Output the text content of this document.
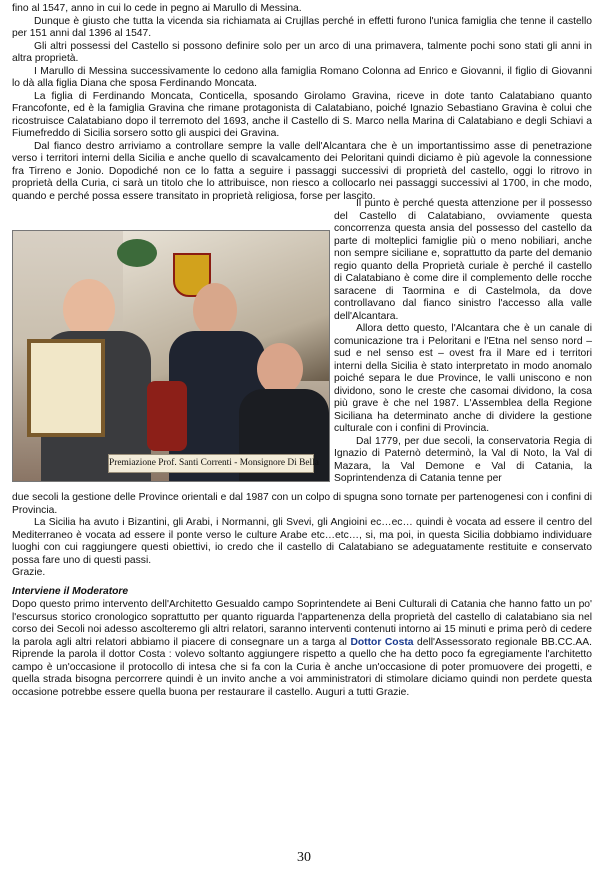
fino al 1547, anno in cui lo cede in pegno ai Marullo di Messina.

Dunque è giusto che tutta la vicenda sia richiamata ai Crujllas perché in effetti furono l'unica famiglia che tenne il castello per 151 anni dal 1396 al 1547.

Gli altri possessi del Castello si possono definire solo per un arco di una primavera, talmente pochi sono stati gli anni in altra proprietà.

I Marullo di Messina successivamente lo cedono alla famiglia Romano Colonna ad Enrico e Giovanni, il figlio di Giovanni lo dà alla figlia Diana che sposa Ferdinando Moncata.

La figlia di Ferdinando Moncata, Conticella, sposando Girolamo Gravina, riceve in dote tanto Calatabiano quanto Francofonte, ed è la famiglia Gravina che rimane protagonista di Calatabiano, poiché Ignazio Sebastiano Gravina è colui che ricostruisce Calatabiano dopo il terremoto del 1693, anche il Castello di S. Marco nella Marina di Calatabiano e degli Schiavi a Fiumefreddo di Sicilia sorsero sotto gli auspici dei Gravina.

Dal fianco destro arriviamo a controllare sempre la valle dell'Alcantara che è un importantissimo asse di penetrazione verso i territori interni della Sicilia e anche quello di scavalcamento dei Peloritani quindi diciamo è più agevole la connessione fra Tirreno e Jonio. Dopodiché non ce lo fatta a seguire i passaggi successivi di proprietà del castello, oggi lo ritrovo in proprietà della Curia, ci sarà un titolo che lo attribuisce, non riesco a collocarlo nei passaggi successivi al 1700, in che modo, quando e perché possa essere transitato in proprietà religiosa, forse per lascito.

Premiazione Prof. Santi Correnti - Monsignore Di Bella

Il punto è perché questa attenzione per il possesso del Castello di Calatabiano, ovviamente questa concorrenza questa ansia del possesso del castello da parte di molteplici famiglie più o meno nobiliari, anche non sempre siciliane e, soprattutto da parte del demanio regio quanto della Proprietà curiale è perché il castello di Calatabiano è come dire il complemento delle rocche saracene di Taormina e di Castelmola, da dove controllavano dal fianco sinistro l'accesso alla valle dell'Alcantara.

Allora detto questo, l'Alcantara che è un canale di comunicazione tra i Peloritani e l'Etna nel senso nord – sud e nel senso est – ovest fra il Mare ed i territori interni della Sicilia è stato interpretato in modo anomalo poiché separa le due Province, le valli uniscono e non dividono, sono le creste che casomai dividono, la cosa più grave è che nel 1987. L'Assemblea della Regione Siciliana ha determinato anche di dividere la gestione culturale con i confini di Provincia.

Dal 1779, per due secoli, la conservatoria Regia di Ignazio di Paternò determinò, la Val di Noto, la Val di Mazara, la Val Demone e Val di Catania, la Soprintendenza di Catania tenne per

due secoli la gestione delle Province orientali e dal 1987 con un colpo di spugna sono tornate per partenogenesi con i confini di Provincia.

La Sicilia ha avuto i Bizantini, gli Arabi, i Normanni, gli Svevi, gli Angioini ec…ec… quindi è vocata ad essere il centro del Mediterraneo è vocata ad essere il ponte verso le culture Arabe etc…etc…, si, ma poi, in questa Sicilia dobbiamo individuare luoghi con cui raggiungere questi obiettivi, io credo che il castello di Calatabiano se adeguatamente restituite e conservato possa fare uno di questi passi.

Grazie.

Interviene il Moderatore

Dopo questo primo intervento dell'Architetto Gesualdo campo Soprintendete ai Beni Culturali di Catania che hanno fatto un po' l'escursus storico cronologico soprattutto per quanto riguarda l'appartenenza della proprietà del castello di calatabiano sia nel corso dei Secoli noi adesso ascolteremo gli altri relatori, saranno interventi contenuti intorno ai 15 minuti e prima però di cedere la parola agli altri relatori abbiamo il piacere di consegnare un a targa al Dottor Costa dell'Assessorato regionale BB.CC.AA. Riprende la parola il dottor Costa : volevo soltanto aggiungere rispetto a quello che ha detto poco fa egregiamente l'architetto campo è un'occasione il protocollo di intesa che si fa con la Curia è anche un'occasione di poter promuovere dei progetti, e quella strada bisogna percorrere quindi è un invito anche a voi amministratori di stimolare diciamo quindi non perdete questa occasione potrebbe essere quella buona per restaurare il castello. Auguri a tutti Grazie.

30
